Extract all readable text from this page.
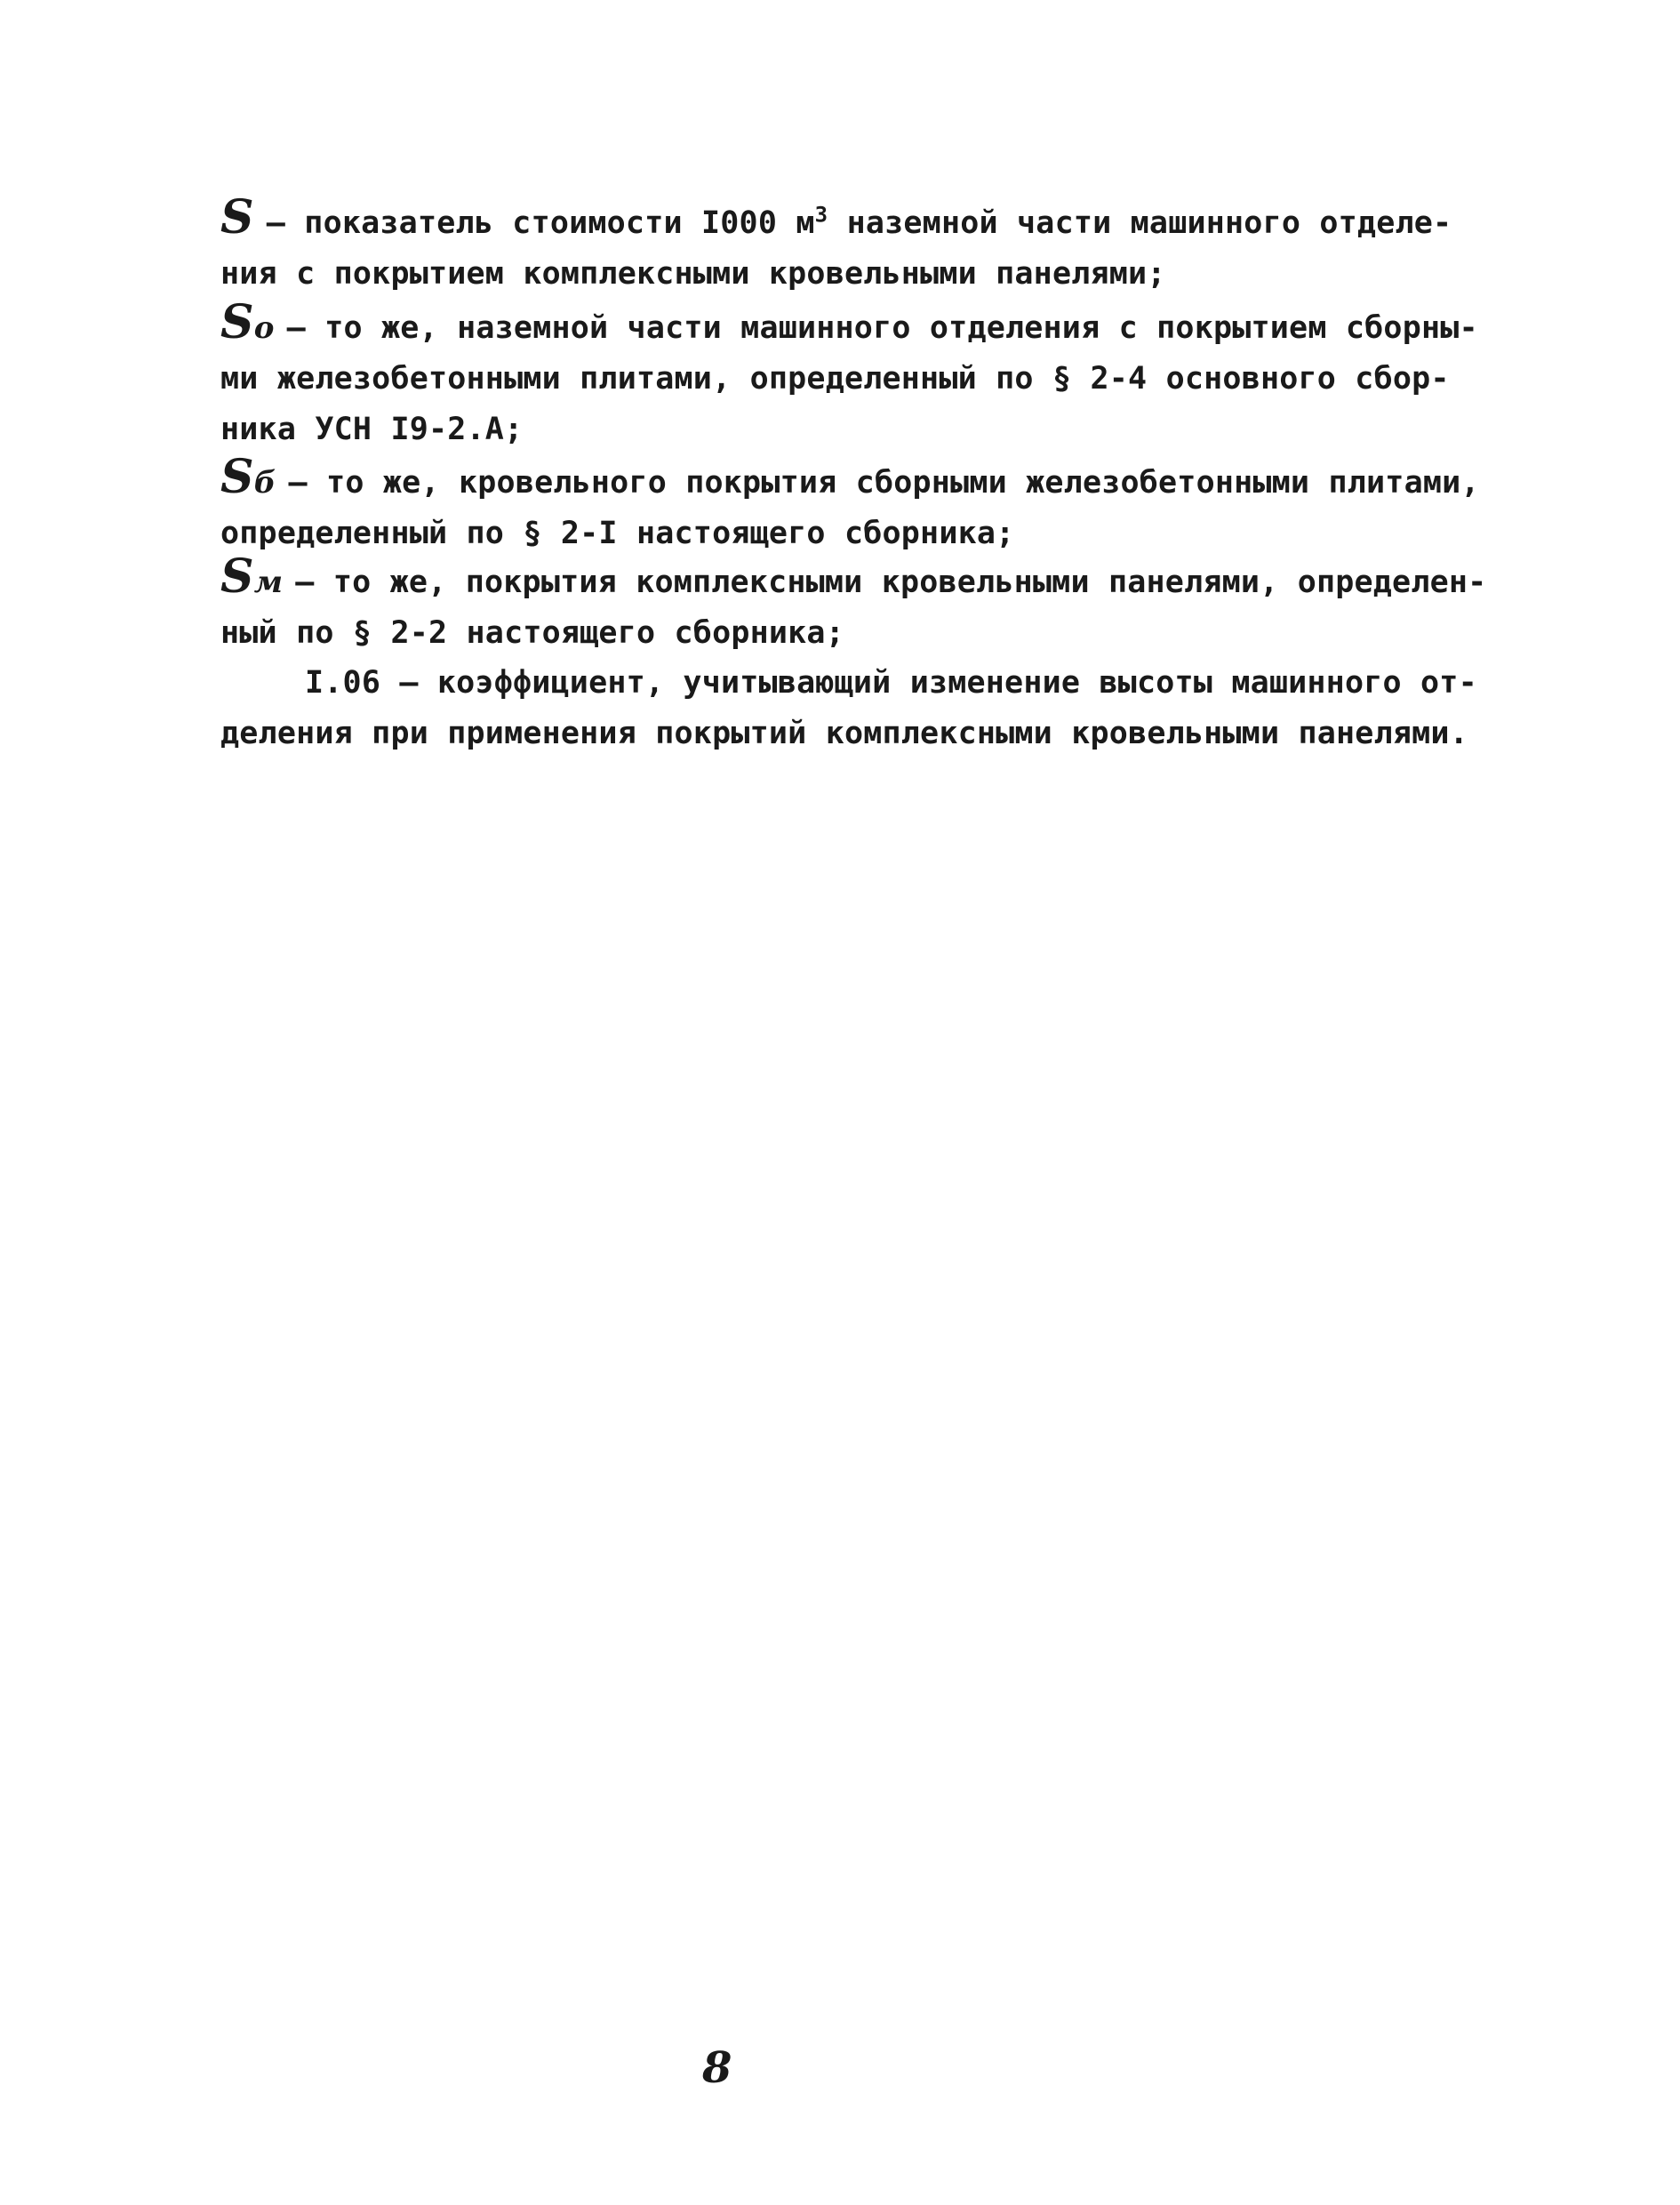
S – показатель стоимости I000 $м^3$ наземной части машинного отделе-
ния с покрытием комплексными кровельными панелями;
So – то же, наземной части машинного отделения с покрытием сборны-
ми железобетонными плитами, определенный по § 2-4 основного сбор-
ника УСН I9-2.А;
Sб – то же, кровельного покрытия сборными железобетонными плитами,
определенный по § 2-I настоящего сборника;
Sм – то же, покрытия комплексными кровельными панелями, определен-
ный по § 2-2 настоящего сборника;
I.06 – коэффициент, учитывающий изменение высоты машинного от-
деления при применения покрытий комплексными кровельными панелями.
8
